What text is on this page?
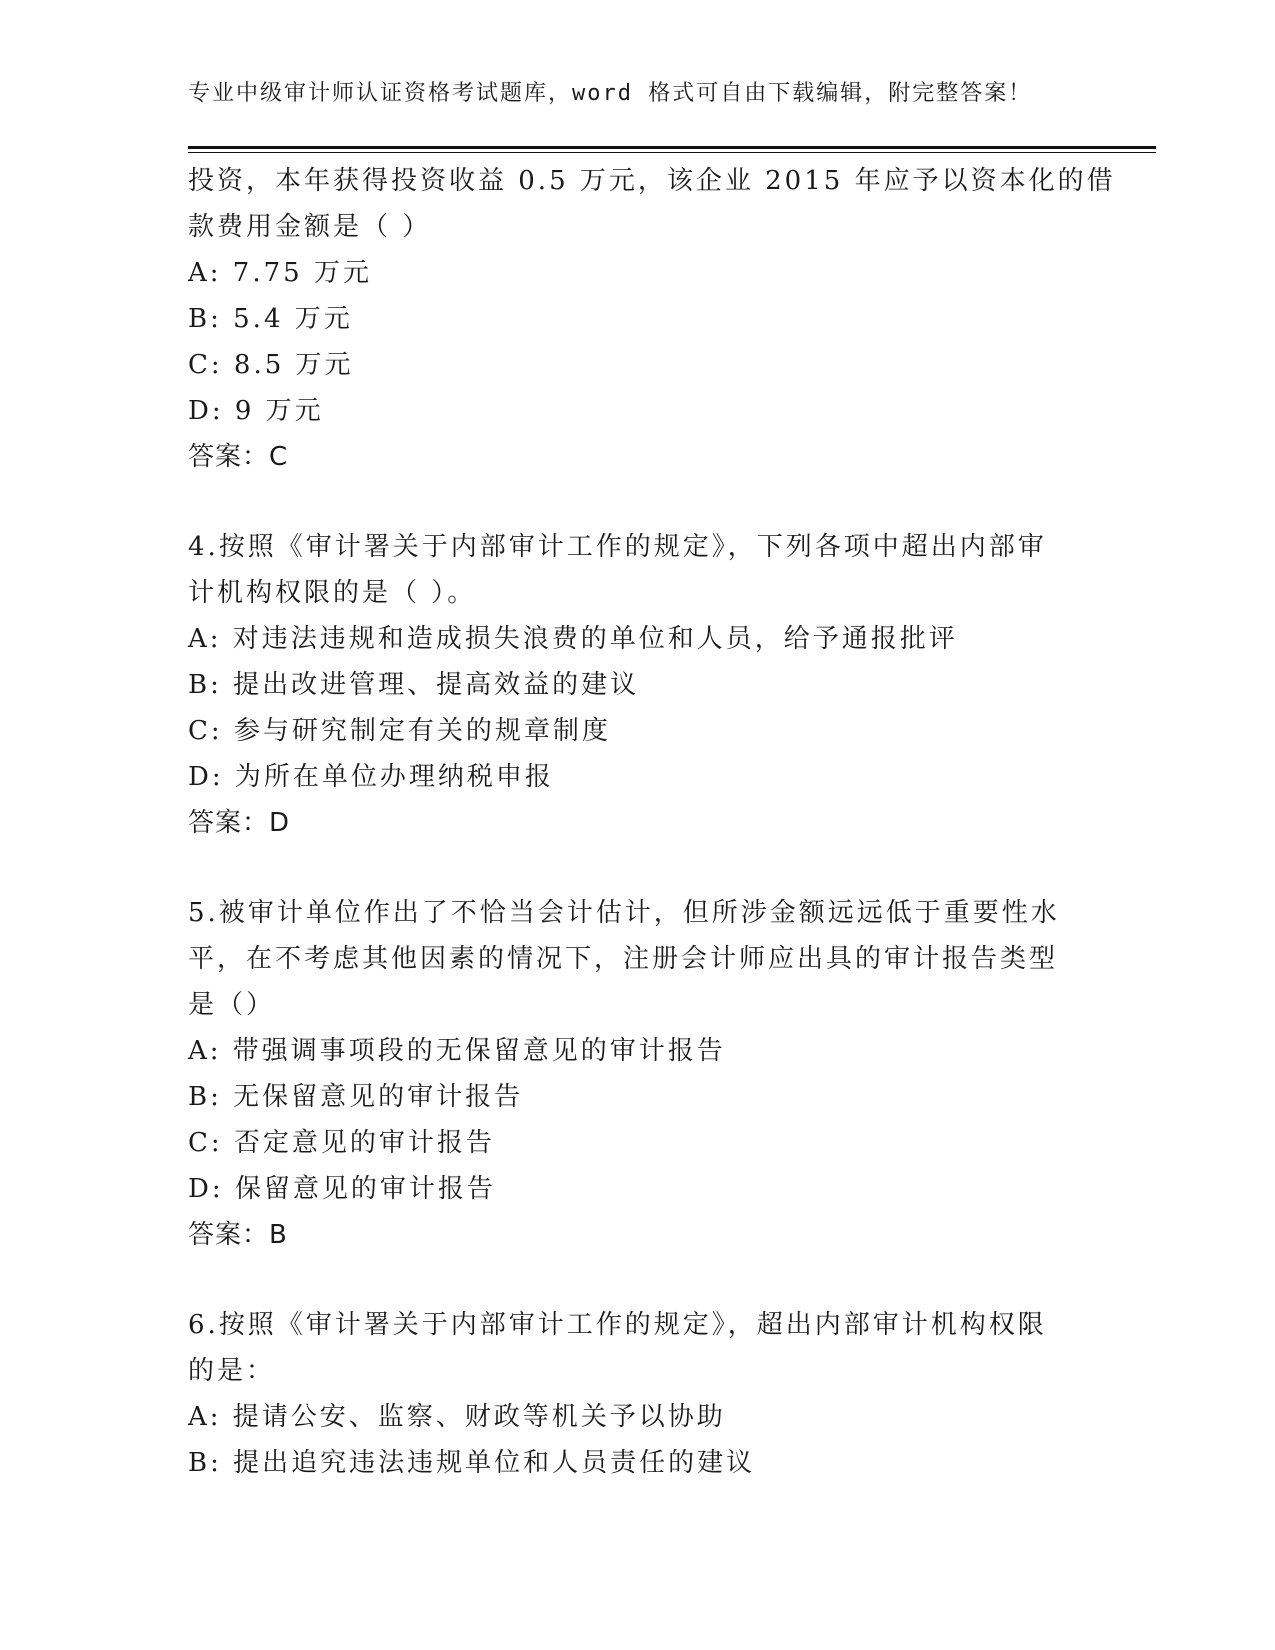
专业中级审计师认证资格考试题库，word 格式可自由下载编辑，附完整答案！
投资，本年获得投资收益 0.5 万元，该企业 2015 年应予以资本化的借
款费用金额是（ ）
A: 7.75 万元
B: 5.4 万元
C: 8.5 万元
D: 9 万元
答案：C
4.按照《审计署关于内部审计工作的规定》，下列各项中超出内部审
计机构权限的是（ ）。
A: 对违法违规和造成损失浪费的单位和人员，给予通报批评
B: 提出改进管理、提高效益的建议
C: 参与研究制定有关的规章制度
D: 为所在单位办理纳税申报
答案：D
5.被审计单位作出了不恰当会计估计，但所涉金额远远低于重要性水
平，在不考虑其他因素的情况下，注册会计师应出具的审计报告类型
是（）
A: 带强调事项段的无保留意见的审计报告
B: 无保留意见的审计报告
C: 否定意见的审计报告
D: 保留意见的审计报告
答案：B
6.按照《审计署关于内部审计工作的规定》，超出内部审计机构权限
的是：
A: 提请公安、监察、财政等机关予以协助
B: 提出追究违法违规单位和人员责任的建议
